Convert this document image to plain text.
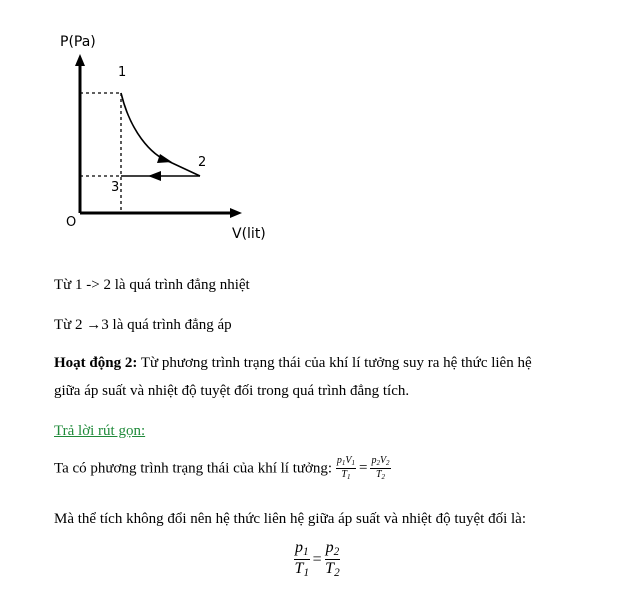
P(Pa)
V(lit)
O
1
2
3
Từ 1 -> 2 là quá trình đẳng nhiệt
Từ 2 →3 là quá trình đẳng áp
Hoạt động 2: Từ phương trình trạng thái của khí lí tưởng suy ra hệ thức liên hệ
giữa áp suất và nhiệt độ tuyệt đối trong quá trình đẳng tích.
Trả lời rút gọn:
Ta có phương trình trạng thái của khí lí tưởng: $\frac{p_1V_1}{T_1} = \frac{p_2V_2}{T_2}$
Mà thể tích không đổi nên hệ thức liên hệ giữa áp suất và nhiệt độ tuyệt đối là:
$\frac{p_1}{T_1} = \frac{p_2}{T_2}$
